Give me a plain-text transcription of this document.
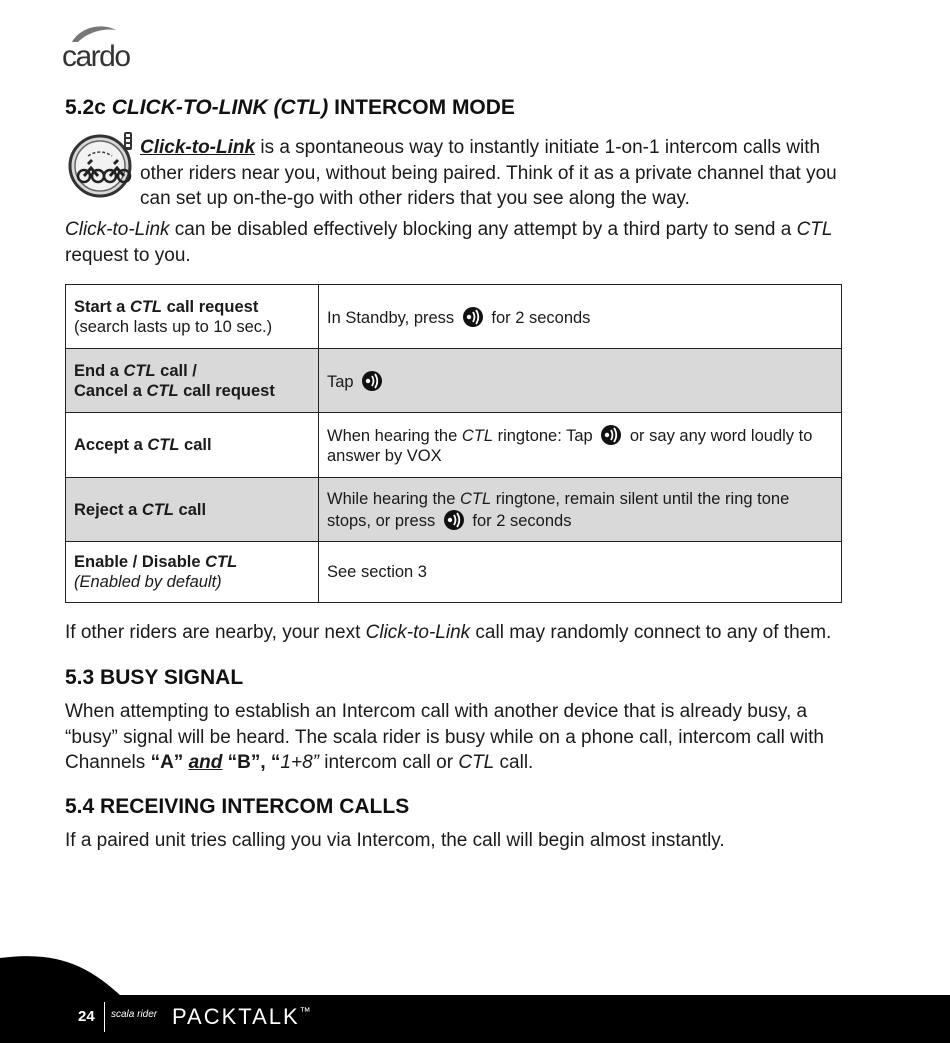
cardo
5.2c CLICK-TO-LINK (CTL) INTERCOM MODE

Click-to-Link is a spontaneous way to instantly initiate 1-on-1 intercom calls with other riders near you, without being paired. Think of it as a private channel that you can set up on-the-go with other riders that you see along the way.

Click-to-Link can be disabled effectively blocking any attempt by a third party to send a CTL request to you.

Start a CTL call request
(search lasts up to 10 sec.)	In Standby, press  for 2 seconds
End a CTL call /
Cancel a CTL call request	Tap
Accept a CTL call	When hearing the CTL ringtone: Tap  or say any word loudly to answer by VOX
Reject a CTL call	While hearing the CTL ringtone, remain silent until the ring tone stops, or press  for 2 seconds
Enable / Disable CTL
(Enabled by default)	See section 3

If other riders are nearby, your next Click-to-Link call may randomly connect to any of them.

5.3 BUSY SIGNAL

When attempting to establish an Intercom call with another device that is already busy, a “busy” signal will be heard. The scala rider is busy while on a phone call, intercom call with Channels “A” and “B”, “1+8” intercom call or CTL call.

5.4 RECEIVING INTERCOM CALLS

If a paired unit tries calling you via Intercom, the call will begin almost instantly.

24 scala rider PACKTALK™
